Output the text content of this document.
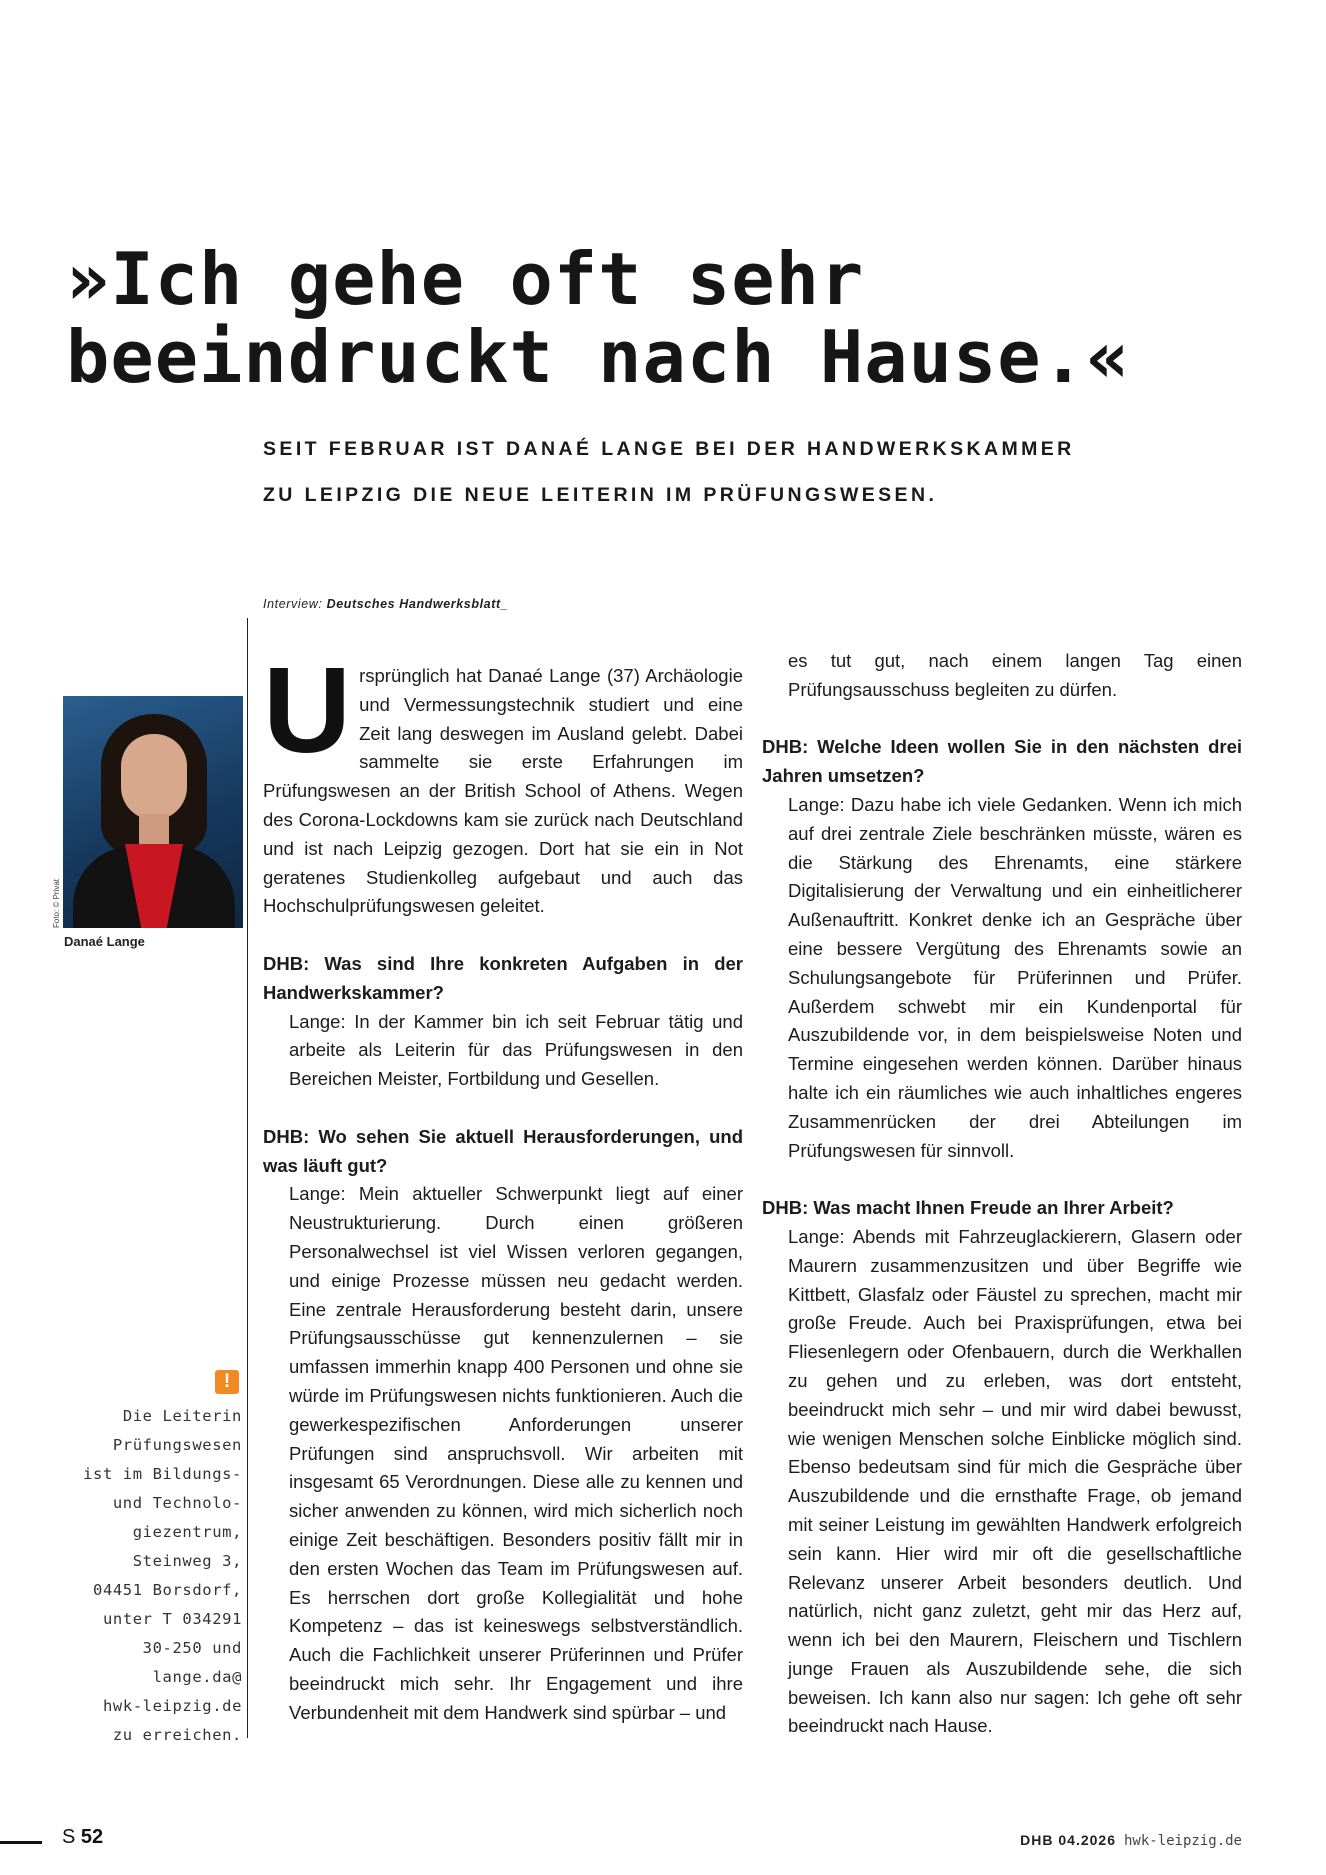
»Ich gehe oft sehr
beeindruckt nach Hause.«
SEIT FEBRUAR IST DANAÉ LANGE BEI DER HANDWERKSKAMMER
ZU LEIPZIG DIE NEUE LEITERIN IM PRÜFUNGSWESEN.
Interview: Deutsches Handwerksblatt_
Foto: © Privat
Danaé Lange
!
Die Leiterin
Prüfungswesen
ist im Bildungs-
und Technolo-
giezentrum,
Steinweg 3,
04451 Borsdorf,
unter T 034291
30-250 und
lange.da@
hwk-leipzig.de
zu erreichen.

Ursprünglich hat Danaé Lange (37) Archäologie und Vermessungstechnik studiert und eine Zeit lang deswegen im Ausland gelebt. Dabei sammelte sie erste Erfahrungen im Prüfungswesen an der British School of Athens. Wegen des Corona-Lockdowns kam sie zurück nach Deutschland und ist nach Leipzig gezogen. Dort hat sie ein in Not geratenes Studienkolleg aufgebaut und auch das Hochschulprüfungswesen geleitet.

DHB: Was sind Ihre konkreten Aufgaben in der Handwerkskammer?

Lange: In der Kammer bin ich seit Februar tätig und arbeite als Leiterin für das Prüfungswesen in den Bereichen Meister, Fortbildung und Gesellen.

DHB: Wo sehen Sie aktuell Herausforderungen, und was läuft gut?

Lange: Mein aktueller Schwerpunkt liegt auf einer Neustrukturierung. Durch einen größeren Personalwechsel ist viel Wissen verloren gegangen, und einige Prozesse müssen neu gedacht werden. Eine zentrale Herausforderung besteht darin, unsere Prüfungsausschüsse gut kennenzulernen – sie umfassen immerhin knapp 400 Personen und ohne sie würde im Prüfungswesen nichts funktionieren. Auch die gewerkespezifischen Anforderungen unserer Prüfungen sind anspruchsvoll. Wir arbeiten mit insgesamt 65 Verordnungen. Diese alle zu kennen und sicher anwenden zu können, wird mich sicherlich noch einige Zeit beschäftigen. Besonders positiv fällt mir in den ersten Wochen das Team im Prüfungswesen auf. Es herrschen dort große Kollegialität und hohe Kompetenz – das ist keineswegs selbstverständlich. Auch die Fachlichkeit unserer Prüferinnen und Prüfer beeindruckt mich sehr. Ihr Engagement und ihre Verbundenheit mit dem Handwerk sind spürbar – und

es tut gut, nach einem langen Tag einen Prüfungsausschuss begleiten zu dürfen.

DHB: Welche Ideen wollen Sie in den nächsten drei Jahren umsetzen?

Lange: Dazu habe ich viele Gedanken. Wenn ich mich auf drei zentrale Ziele beschränken müsste, wären es die Stärkung des Ehrenamts, eine stärkere Digitalisierung der Verwaltung und ein einheitlicherer Außenauftritt. Konkret denke ich an Gespräche über eine bessere Vergütung des Ehrenamts sowie an Schulungsangebote für Prüferinnen und Prüfer. Außerdem schwebt mir ein Kundenportal für Auszubildende vor, in dem beispielsweise Noten und Termine eingesehen werden können. Darüber hinaus halte ich ein räumliches wie auch inhaltliches engeres Zusammenrücken der drei Abteilungen im Prüfungswesen für sinnvoll.

DHB: Was macht Ihnen Freude an Ihrer Arbeit?

Lange: Abends mit Fahrzeuglackierern, Glasern oder Maurern zusammenzusitzen und über Begriffe wie Kittbett, Glasfalz oder Fäustel zu sprechen, macht mir große Freude. Auch bei Praxisprüfungen, etwa bei Fliesenlegern oder Ofenbauern, durch die Werkhallen zu gehen und zu erleben, was dort entsteht, beeindruckt mich sehr – und mir wird dabei bewusst, wie wenigen Menschen solche Einblicke möglich sind. Ebenso bedeutsam sind für mich die Gespräche über Auszubildende und die ernsthafte Frage, ob jemand mit seiner Leistung im gewählten Handwerk erfolgreich sein kann. Hier wird mir oft die gesellschaftliche Relevanz unserer Arbeit besonders deutlich. Und natürlich, nicht ganz zuletzt, geht mir das Herz auf, wenn ich bei den Maurern, Fleischern und Tischlern junge Frauen als Auszubildende sehe, die sich beweisen. Ich kann also nur sagen: Ich gehe oft sehr beeindruckt nach Hause.

S 52	DHB 04.2026 hwk-leipzig.de
